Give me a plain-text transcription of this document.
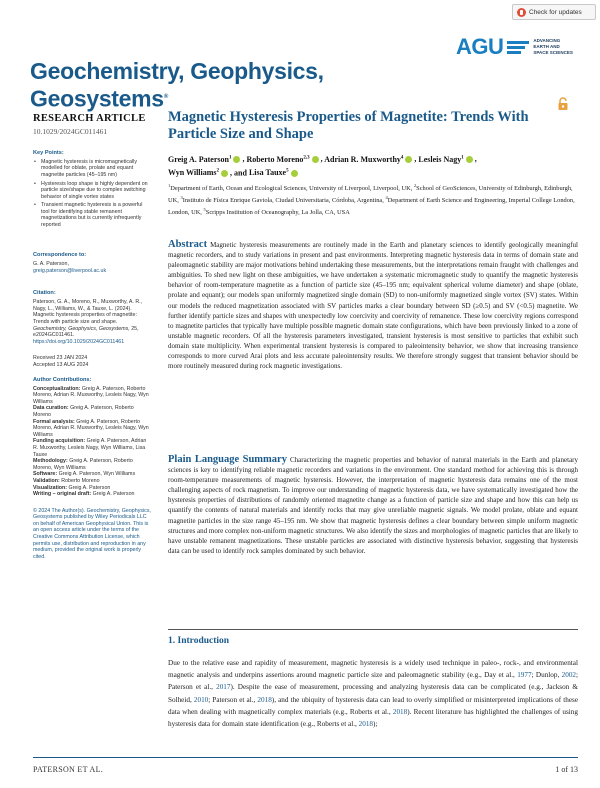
Check for updates
AGU	ADVANCING
EARTH AND
SPACE SCIENCES
Geochemistry, Geophysics,
Geosystems®
RESEARCH ARTICLE
10.1029/2024GC011461
Key Points:
• Magnetic hysteresis is micromagnetically modelled for oblate, prolate and equant magnetite particles (45–195 nm)
• Hysteresis loop shape is highly dependent on particle size/shape due to complex switching behavior of single vortex states
• Transient magnetic hysteresis is a powerful tool for identifying stable remanent magnetizations but is currently infrequently reported
Correspondence to:
G. A. Paterson,
greig.paterson@liverpool.ac.uk
Citation:
Paterson, G. A., Moreno, R., Muxworthy, A. R., Nagy, L., Williams, W., & Tauxe, L. (2024). Magnetic hysteresis properties of magnetite: Trends with particle size and shape. Geochemistry, Geophysics, Geosystems, 25, e2024GC011461. https://doi.org/10.1029/2024GC011461
Received 23 JAN 2024
Accepted 13 AUG 2024
Author Contributions:
Conceptualization: Greig A. Paterson, Roberto Moreno, Adrian R. Muxworthy, Lesleis Nagy, Wyn Williams
Data curation: Greig A. Paterson, Roberto Moreno
Formal analysis: Greig A. Paterson, Roberto Moreno, Adrian R. Muxworthy, Lesleis Nagy, Wyn Williams
Funding acquisition: Greig A. Paterson, Adrian R. Muxworthy, Lesleis Nagy, Wyn Williams, Lisa Tauxe
Methodology: Greig A. Paterson, Roberto Moreno, Wyn Williams
Software: Greig A. Paterson, Wyn Williams
Validation: Roberto Moreno
Visualization: Greig A. Paterson
Writing – original draft: Greig A. Paterson
© 2024 The Author(s). Geochemistry, Geophysics, Geosystems published by Wiley Periodicals LLC on behalf of American Geophysical Union. This is an open access article under the terms of the Creative Commons Attribution License, which permits use, distribution and reproduction in any medium, provided the original work is properly cited.
Magnetic Hysteresis Properties of Magnetite: Trends With Particle Size and Shape
Greig A. Paterson$^1$ , Roberto Moreno$^{2,3}$ , Adrian R. Muxworthy$^4$ , Lesleis Nagy$^1$ ,
Wyn Williams$^2$ , and Lisa Tauxe$^5$
$^1$Department of Earth, Ocean and Ecological Sciences, University of Liverpool, Liverpool, UK, $^2$School of GeoSciences, University of Edinburgh, Edinburgh, UK, $^3$Instituto de Física Enrique Gaviola, Ciudad Universitaria, Córdoba, Argentina, $^4$Department of Earth Science and Engineering, Imperial College London, London, UK, $^5$Scripps Institution of Oceanography, La Jolla, CA, USA
Abstract Magnetic hysteresis measurements are routinely made in the Earth and planetary sciences to identify geologically meaningful magnetic recorders, and to study variations in present and past environments. Interpreting magnetic hysteresis data in terms of domain state and paleomagnetic stability are major motivations behind undertaking these measurements, but the interpretations remain fraught with challenges and ambiguities. To shed new light on these ambiguities, we have undertaken a systematic micromagnetic study to quantify the magnetic hysteresis behavior of room-temperature magnetite as a function of particle size (45–195 nm; equivalent spherical volume diameter) and shape (oblate, prolate and equant); our models span uniformly magnetized single domain (SD) to non-uniformly magnetized single vortex (SV) states. Within our models the reduced magnetization associated with SV particles marks a clear boundary between SD (≥0.5) and SV (<0.5) magnetite. We further identify particle sizes and shapes with unexpectedly low coercivity and coercivity of remanence. These low coercivity regions correspond to magnetite particles that typically have multiple possible magnetic domain state configurations, which have been previously linked to a zone of unstable magnetic recorders. Of all the hysteresis parameters investigated, transient hysteresis is most sensitive to particles that exhibit such domain state multiplicity. When experimental transient hysteresis is compared to paleointensity behavior, we show that increasing transience corresponds to more curved Arai plots and less accurate paleointensity results. We therefore strongly suggest that transient behavior should be more routinely measured during rock magnetic investigations.
Plain Language Summary Characterizing the magnetic properties and behavior of natural materials in the Earth and planetary sciences is key to identifying reliable magnetic recorders and variations in the environment. One standard method for achieving this is through room-temperature measurements of magnetic hysteresis. However, the interpretation of magnetic hysteresis data remains one of the most challenging aspects of rock magnetism. To improve our understanding of magnetic hysteresis data, we have systematically investigated how the hysteresis properties of distributions of randomly oriented magnetite change as a function of particle size and shape and how this can help us quantify the contents of natural materials and identify rocks that may give unreliable magnetic signals. We model prolate, oblate and equant magnetite particles in the size range 45–195 nm. We show that magnetic hysteresis defines a clear boundary between simple uniform magnetic structures and more complex non-uniform magnetic structures. We also identify the sizes and morphologies of magnetic particles that are likely to have unstable remanent magnetizations. These unstable particles are associated with distinctive hysteresis behavior, suggesting that hysteresis data can be used to identify rock samples dominated by such behavior.
1. Introduction
Due to the relative ease and rapidity of measurement, magnetic hysteresis is a widely used technique in paleo-, rock-, and environmental magnetic analysis and underpins assertions around magnetic particle size and paleomagnetic stability (e.g., Day et al., 1977; Dunlop, 2002; Paterson et al., 2017). Despite the ease of measurement, processing and analyzing hysteresis data can be complicated (e.g., Jackson & Solheid, 2010; Paterson et al., 2018), and the ubiquity of hysteresis data can lead to overly simplified or misinterpreted implications of these data when dealing with magnetically complex materials (e.g., Roberts et al., 2018). Recent literature has highlighted the challenges of using hysteresis data for domain state identification (e.g., Roberts et al., 2018);
PATERSON ET AL.	1 of 13
